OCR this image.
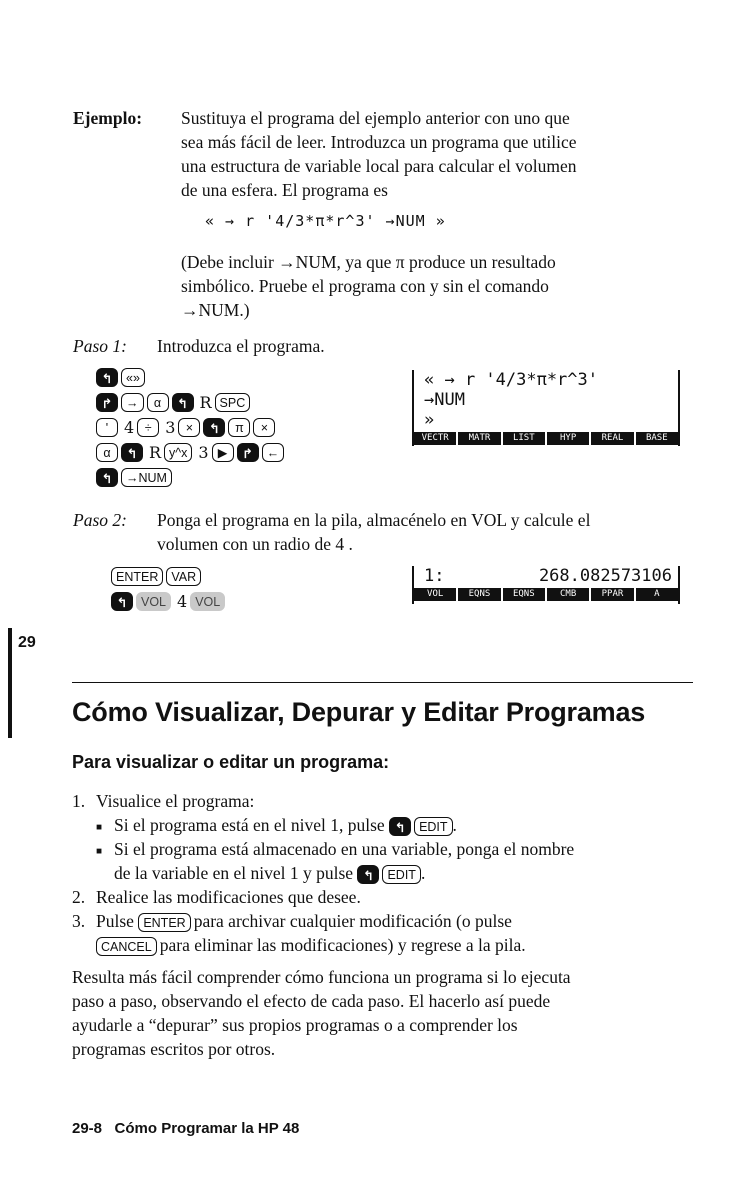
Ejemplo: Sustituya el programa del ejemplo anterior con uno que
sea más fácil de leer. Introduzca un programa que utilice
una estructura de variable local para calcular el volumen
de una esfera. El programa es
« → r '4/3*π*r^3' →NUM »
(Debe incluir →NUM, ya que π produce un resultado
simbólico. Pruebe el programa con y sin el comando
→NUM.)
Paso 1: Introduzca el programa.
↰ «»
↱ → α ↰ R SPC
' 4 ÷ 3 × ↰ π ×
α ↰ R y^x 3 ▶ ↱ ←
↰ →NUM
« → r '4/3*π*r^3'
→NUM
»
VECTR	MATR	LIST	HYP	REAL	BASE
Paso 2: Ponga el programa en la pila, almacénelo en VOL y calcule el
volumen con un radio de 4 .
ENTER VAR
↰ VOL 4 VOL
1:	268.082573106
VOL	EQNS	EQNS	CMB	PPAR	A
29
Cómo Visualizar, Depurar y Editar Programas
Para visualizar o editar un programa:
1. Visualice el programa:
Si el programa está en el nivel 1, pulse ↰ EDIT .
Si el programa está almacenado en una variable, ponga el nombre
de la variable en el nivel 1 y pulse ↰ EDIT .
2. Realice las modificaciones que desee.
3. Pulse ENTER para archivar cualquier modificación (o pulse
CANCEL para eliminar las modificaciones) y regrese a la pila.
Resulta más fácil comprender cómo funciona un programa si lo ejecuta
paso a paso, observando el efecto de cada paso. El hacerlo así puede
ayudarle a “depurar” sus propios programas o a comprender los
programas escritos por otros.
29-8 Cómo Programar la HP 48
